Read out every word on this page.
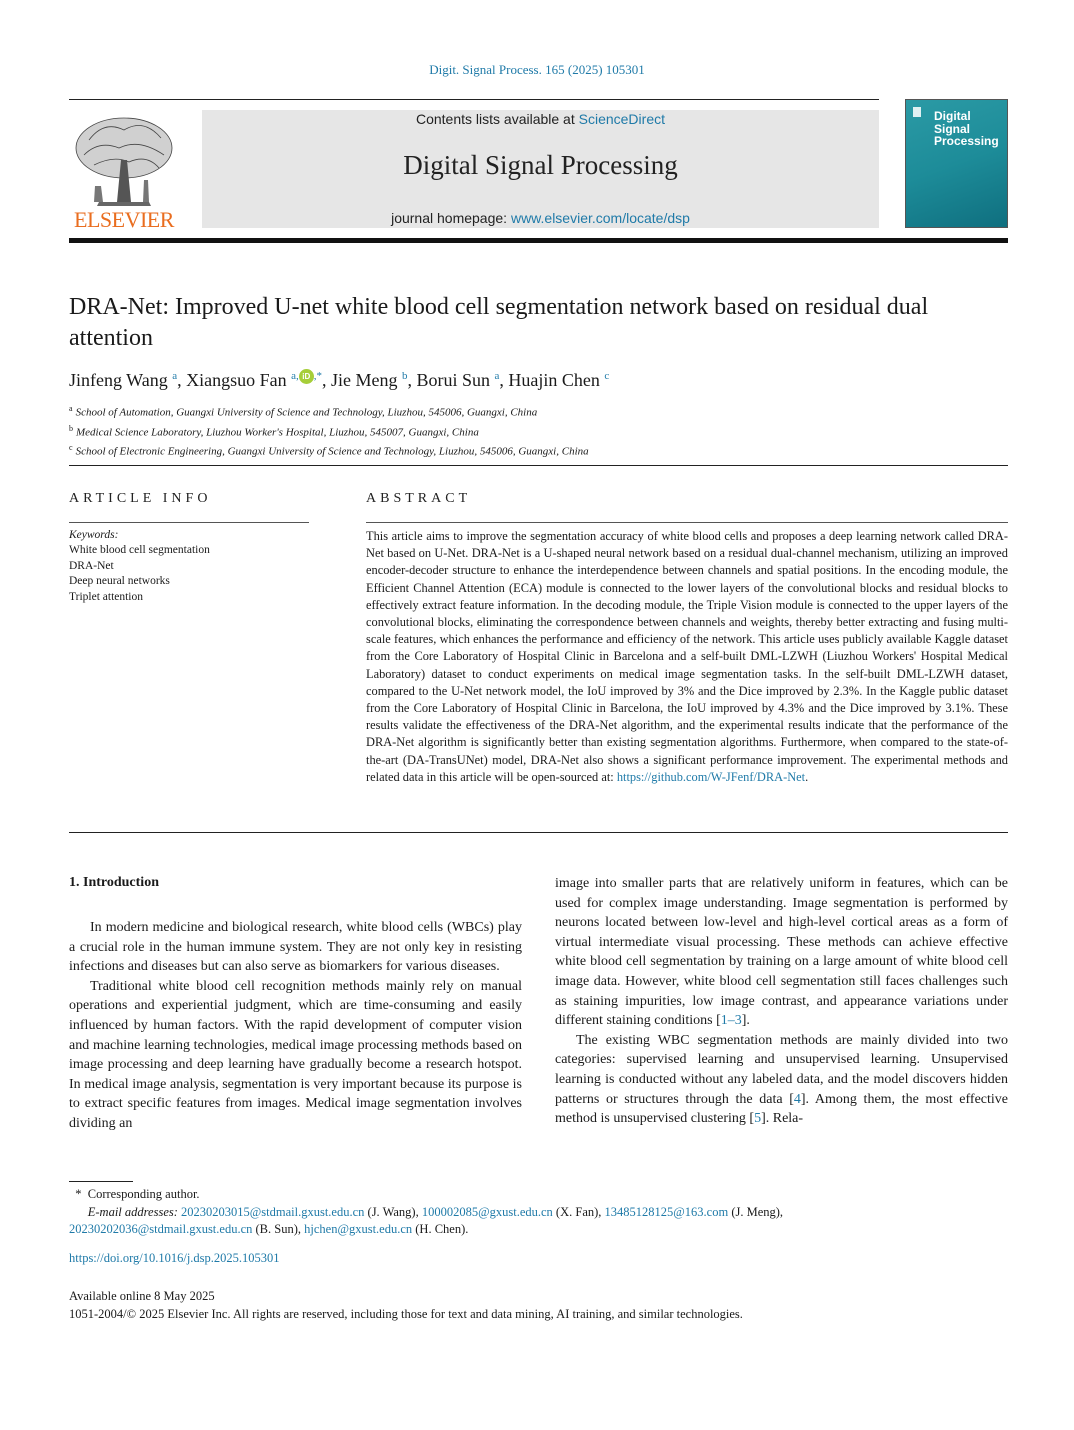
Digit. Signal Process. 165 (2025) 105301
ELSEVIER
Contents lists available at ScienceDirect
Digital Signal Processing
journal homepage: www.elsevier.com/locate/dsp
Digital
Signal
Processing
DRA-Net: Improved U-net white blood cell segmentation network based on residual dual attention
Jinfeng Wang $^a$, Xiangsuo Fan $^{a,}$ iD ,*, Jie Meng $^b$, Borui Sun $^a$, Huajin Chen $^c$
$^a$ School of Automation, Guangxi University of Science and Technology, Liuzhou, 545006, Guangxi, China
$^b$ Medical Science Laboratory, Liuzhou Worker's Hospital, Liuzhou, 545007, Guangxi, China
$^c$ School of Electronic Engineering, Guangxi University of Science and Technology, Liuzhou, 545006, Guangxi, China
ARTICLE INFO	ABSTRACT
Keywords:
White blood cell segmentation
DRA-Net
Deep neural networks
Triplet attention
This article aims to improve the segmentation accuracy of white blood cells and proposes a deep learning network called DRA-Net based on U-Net. DRA-Net is a U-shaped neural network based on a residual dual-channel mechanism, utilizing an improved encoder-decoder structure to enhance the interdependence between channels and spatial positions. In the encoding module, the Efficient Channel Attention (ECA) module is connected to the lower layers of the convolutional blocks and residual blocks to effectively extract feature information. In the decoding module, the Triple Vision module is connected to the upper layers of the convolutional blocks, eliminating the correspondence between channels and weights, thereby better extracting and fusing multi-scale features, which enhances the performance and efficiency of the network. This article uses publicly available Kaggle dataset from the Core Laboratory of Hospital Clinic in Barcelona and a self-built DML-LZWH (Liuzhou Workers' Hospital Medical Laboratory) dataset to conduct experiments on medical image segmentation tasks. In the self-built DML-LZWH dataset, compared to the U-Net network model, the IoU improved by 3% and the Dice improved by 2.3%. In the Kaggle public dataset from the Core Laboratory of Hospital Clinic in Barcelona, the IoU improved by 4.3% and the Dice improved by 3.1%. These results validate the effectiveness of the DRA-Net algorithm, and the experimental results indicate that the performance of the DRA-Net algorithm is significantly better than existing segmentation algorithms. Furthermore, when compared to the state-of-the-art (DA-TransUNet) model, DRA-Net also shows a significant performance improvement. The experimental methods and related data in this article will be open-sourced at: https://github.com/W-JFenf/DRA-Net.
1. Introduction

In modern medicine and biological research, white blood cells (WBCs) play a crucial role in the human immune system. They are not only key in resisting infections and diseases but can also serve as biomarkers for various diseases.

Traditional white blood cell recognition methods mainly rely on manual operations and experiential judgment, which are time-consuming and easily influenced by human factors. With the rapid development of computer vision and machine learning technologies, medical image processing methods based on image processing and deep learning have gradually become a research hotspot. In medical image analysis, segmentation is very important because its purpose is to extract specific features from images. Medical image segmentation involves dividing an

image into smaller parts that are relatively uniform in features, which can be used for complex image understanding. Image segmentation is performed by neurons located between low-level and high-level cortical areas as a form of virtual intermediate visual processing. These methods can achieve effective white blood cell segmentation by training on a large amount of white blood cell image data. However, white blood cell segmentation still faces challenges such as staining impurities, low image contrast, and appearance variations under different staining conditions [1–3].

The existing WBC segmentation methods are mainly divided into two categories: supervised learning and unsupervised learning. Unsupervised learning is conducted without any labeled data, and the model discovers hidden patterns or structures through the data [4]. Among them, the most effective method is unsupervised clustering [5]. Rela-

* Corresponding author.
E-mail addresses: 20230203015@stdmail.gxust.edu.cn (J. Wang), 100002085@gxust.edu.cn (X. Fan), 13485128125@163.com (J. Meng),
20230202036@stdmail.gxust.edu.cn (B. Sun), hjchen@gxust.edu.cn (H. Chen).
https://doi.org/10.1016/j.dsp.2025.105301
Available online 8 May 2025
1051-2004/© 2025 Elsevier Inc. All rights are reserved, including those for text and data mining, AI training, and similar technologies.
